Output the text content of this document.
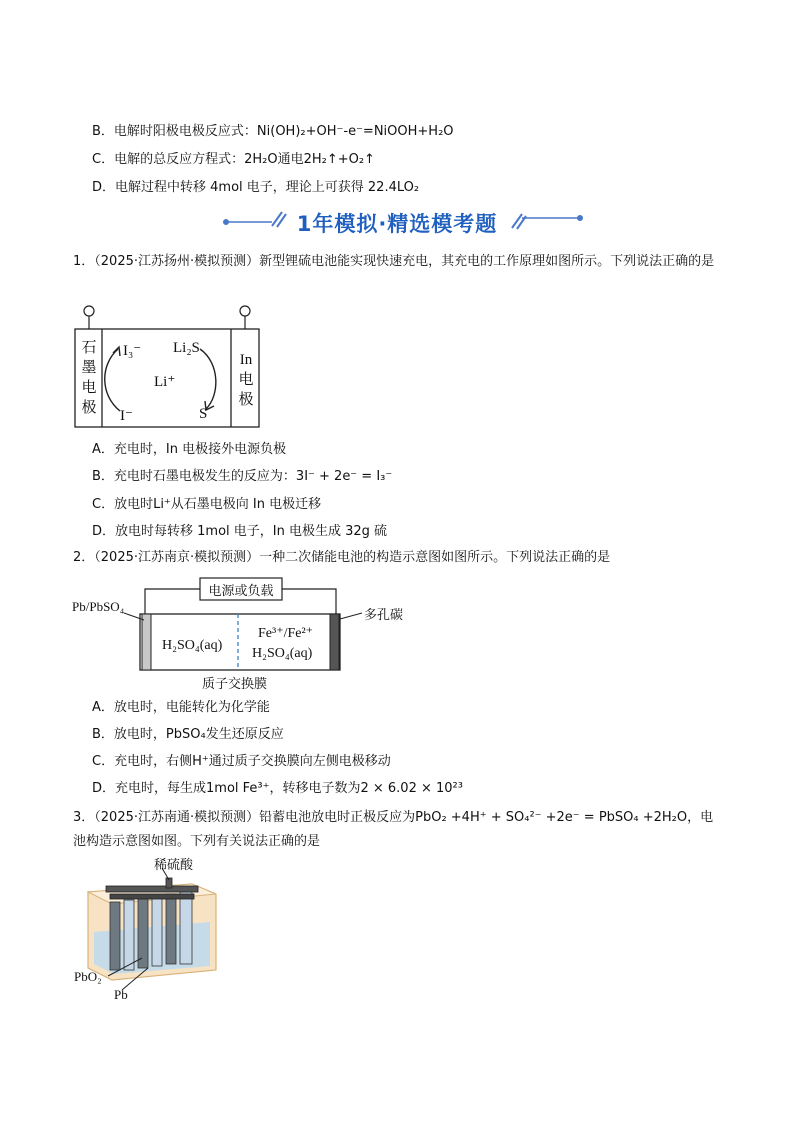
B．电解时阳极电极反应式：Ni(OH)₂+OH⁻-e⁻=NiOOH+H₂O
C．电解的总反应方程式：2H₂O通电2H₂↑+O₂↑
D．电解过程中转移 4mol 电子，理论上可获得 22.4LO₂
1年模拟·精选模考题
1．（2025·江苏扬州·模拟预测）新型锂硫电池能实现快速充电，其充电的工作原理如图所示。下列说法正确的是
石
墨
电
极
In
电
极
I₃⁻ Li₂S
Li⁺
I⁻	S
A．充电时，In 电极接外电源负极
B．充电时石墨电极发生的反应为：3I⁻ + 2e⁻ = I₃⁻
C．放电时Li⁺从石墨电极向 In 电极迁移
D．放电时每转移 1mol 电子，In 电极生成 32g 硫
2．（2025·江苏南京·模拟预测）一种二次储能电池的构造示意图如图所示。下列说法正确的是
电源或负载
Pb/PbSO₄
多孔碳
H₂SO₄(aq)
Fe³⁺/Fe²⁺
H₂SO₄(aq)
质子交换膜
A．放电时，电能转化为化学能
B．放电时，PbSO₄发生还原反应
C．充电时，右侧H⁺通过质子交换膜向左侧电极移动
D．充电时，每生成1mol Fe³⁺，转移电子数为2 × 6.02 × 10²³
3．（2025·江苏南通·模拟预测）铅蓄电池放电时正极反应为PbO₂ +4H⁺ + SO₄²⁻ +2e⁻ = PbSO₄ +2H₂O，电池构造示意图如图。下列有关说法正确的是
稀硫酸
PbO₂
Pb
